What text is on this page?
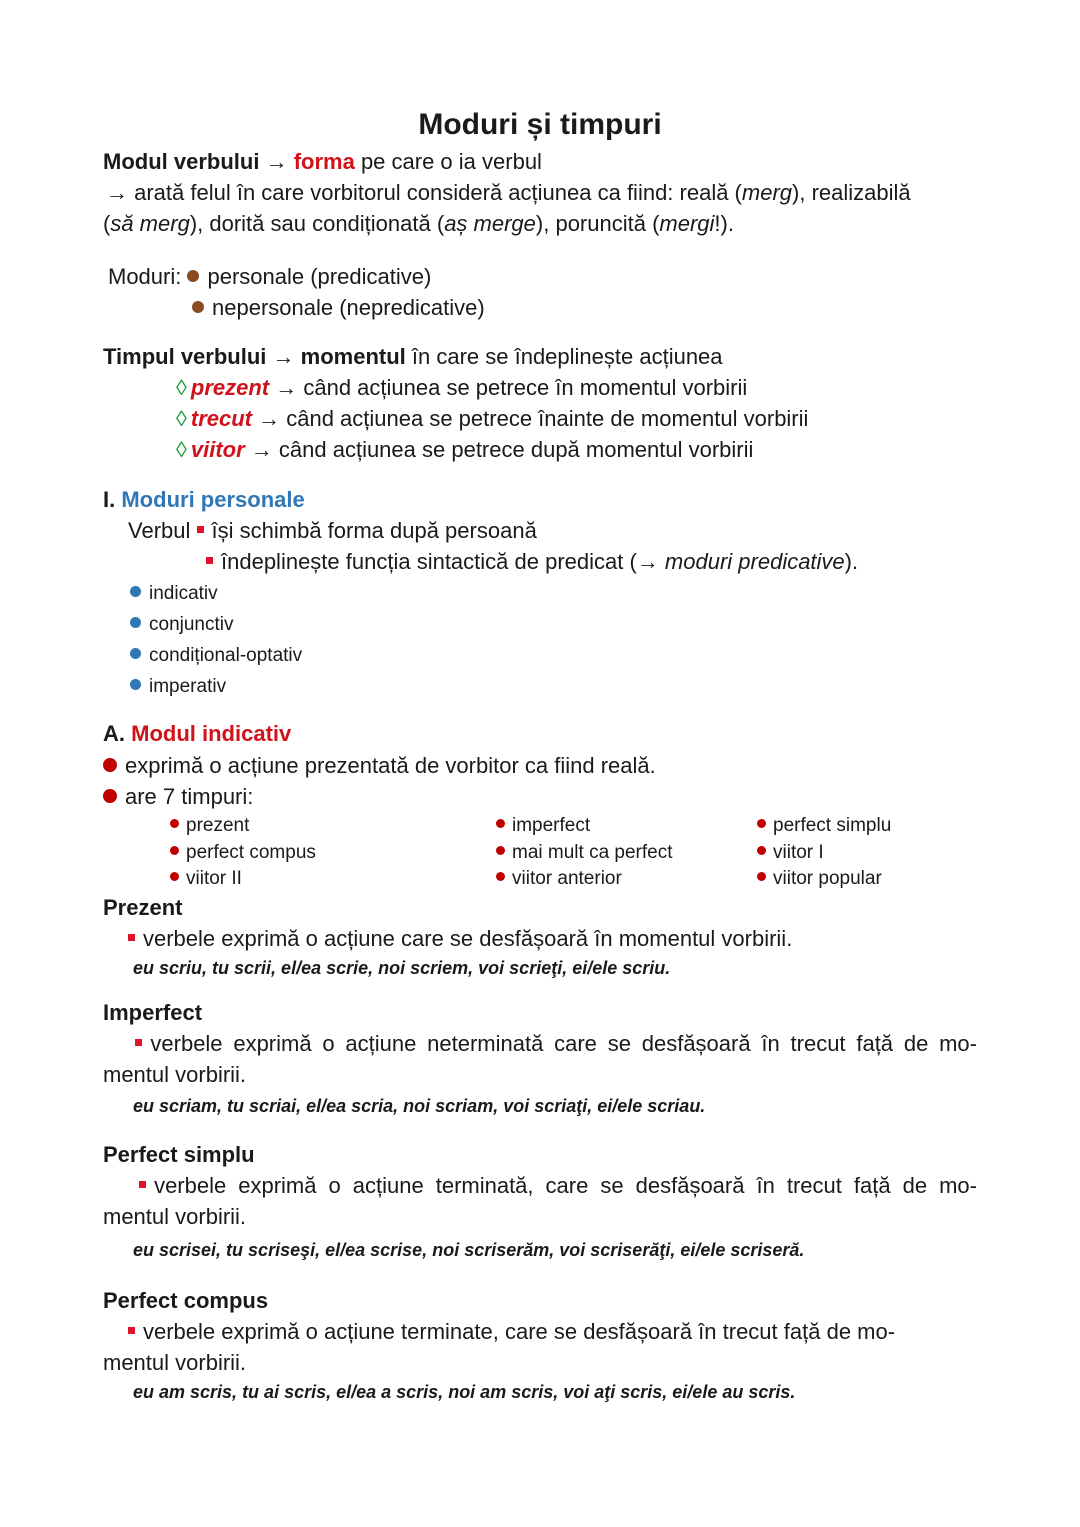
Moduri și timpuri
Modul verbului → forma pe care o ia verbul
→ arată felul în care vorbitorul consideră acțiunea ca fiind: reală (merg), realizabilă
(să merg), dorită sau condiționată (aș merge), poruncită (mergi!).
Moduri: personale (predicative)
nepersonale (nepredicative)
Timpul verbului → momentul în care se îndeplinește acțiunea
◊ prezent → când acțiunea se petrece în momentul vorbirii
◊ trecut → când acțiunea se petrece înainte de momentul vorbirii
◊ viitor → când acțiunea se petrece după momentul vorbirii
I. Moduri personale
Verbul își schimbă forma după persoană
îndeplinește funcția sintactică de predicat (→ moduri predicative).
indicativ
conjunctiv
condițional-optativ
imperativ
A. Modul indicativ
exprimă o acțiune prezentată de vorbitor ca fiind reală.
are 7 timpuri:
prezent	imperfect	perfect simplu
perfect compus	mai mult ca perfect	viitor I
viitor II	viitor anterior	viitor popular
Prezent
verbele exprimă o acțiune care se desfășoară în momentul vorbirii.
eu scriu, tu scrii, el/ea scrie, noi scriem, voi scrieţi, ei/ele scriu.
Imperfect
verbele exprimă o acțiune neterminată care se desfășoară în trecut față de mo-
mentul vorbirii.
eu scriam, tu scriai, el/ea scria, noi scriam, voi scriaţi, ei/ele scriau.
Perfect simplu
verbele exprimă o acțiune terminată, care se desfășoară în trecut față de mo-
mentul vorbirii.
eu scrisei, tu scriseşi, el/ea scrise, noi scriserăm, voi scriserăţi, ei/ele scriseră.
Perfect compus
verbele exprimă o acțiune terminate, care se desfășoară în trecut față de mo-
mentul vorbirii.
eu am scris, tu ai scris, el/ea a scris, noi am scris, voi aţi scris, ei/ele au scris.
